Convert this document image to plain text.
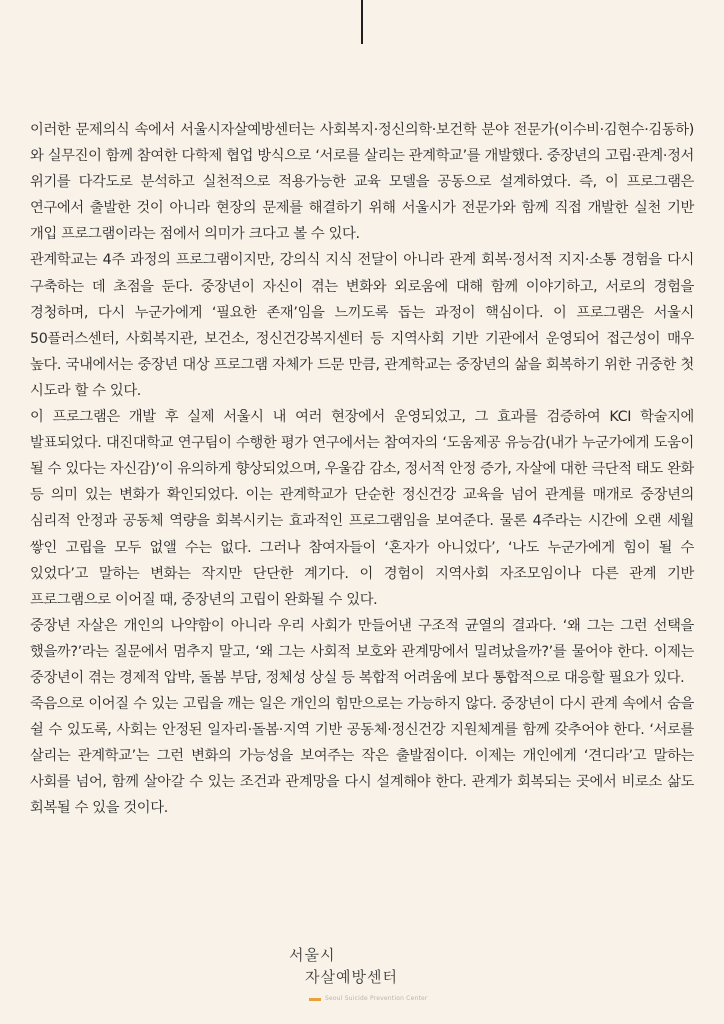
이러한 문제의식 속에서 서울시자살예방센터는 사회복지·정신의학·보건학 분야 전문가(이수비·김현수·김동하)와 실무진이 함께 참여한 다학제 협업 방식으로 ‘서로를 살리는 관계학교’를 개발했다. 중장년의 고립·관계·정서 위기를 다각도로 분석하고 실천적으로 적용가능한 교육 모델을 공동으로 설계하였다. 즉, 이 프로그램은 연구에서 출발한 것이 아니라 현장의 문제를 해결하기 위해 서울시가 전문가와 함께 직접 개발한 실천 기반 개입 프로그램이라는 점에서 의미가 크다고 볼 수 있다.

관계학교는 4주 과정의 프로그램이지만, 강의식 지식 전달이 아니라 관계 회복·정서적 지지·소통 경험을 다시 구축하는 데 초점을 둔다. 중장년이 자신이 겪는 변화와 외로움에 대해 함께 이야기하고, 서로의 경험을 경청하며, 다시 누군가에게 ‘필요한 존재’임을 느끼도록 돕는 과정이 핵심이다. 이 프로그램은 서울시 50플러스센터, 사회복지관, 보건소, 정신건강복지센터 등 지역사회 기반 기관에서 운영되어 접근성이 매우 높다. 국내에서는 중장년 대상 프로그램 자체가 드문 만큼, 관계학교는 중장년의 삶을 회복하기 위한 귀중한 첫 시도라 할 수 있다.

이 프로그램은 개발 후 실제 서울시 내 여러 현장에서 운영되었고, 그 효과를 검증하여 KCI 학술지에 발표되었다. 대진대학교 연구팀이 수행한 평가 연구에서는 참여자의 ‘도움제공 유능감(내가 누군가에게 도움이 될 수 있다는 자신감)’이 유의하게 향상되었으며, 우울감 감소, 정서적 안정 증가, 자살에 대한 극단적 태도 완화 등 의미 있는 변화가 확인되었다. 이는 관계학교가 단순한 정신건강 교육을 넘어 관계를 매개로 중장년의 심리적 안정과 공동체 역량을 회복시키는 효과적인 프로그램임을 보여준다. 물론 4주라는 시간에 오랜 세월 쌓인 고립을 모두 없앨 수는 없다. 그러나 참여자들이 ‘혼자가 아니었다’, ‘나도 누군가에게 힘이 될 수 있었다’고 말하는 변화는 작지만 단단한 계기다. 이 경험이 지역사회 자조모임이나 다른 관계 기반 프로그램으로 이어질 때, 중장년의 고립이 완화될 수 있다.

중장년 자살은 개인의 나약함이 아니라 우리 사회가 만들어낸 구조적 균열의 결과다. ‘왜 그는 그런 선택을 했을까?’라는 질문에서 멈추지 말고, ‘왜 그는 사회적 보호와 관계망에서 밀려났을까?’를 물어야 한다. 이제는 중장년이 겪는 경제적 압박, 돌봄 부담, 정체성 상실 등 복합적 어려움에 보다 통합적으로 대응할 필요가 있다.

죽음으로 이어질 수 있는 고립을 깨는 일은 개인의 힘만으로는 가능하지 않다. 중장년이 다시 관계 속에서 숨을 쉴 수 있도록, 사회는 안정된 일자리·돌봄·지역 기반 공동체·정신건강 지원체계를 함께 갖추어야 한다. ‘서로를 살리는 관계학교’는 그런 변화의 가능성을 보여주는 작은 출발점이다. 이제는 개인에게 ‘견디라’고 말하는 사회를 넘어, 함께 살아갈 수 있는 조건과 관계망을 다시 설계해야 한다. 관계가 회복되는 곳에서 비로소 삶도 회복될 수 있을 것이다.

서울시
자살예방센터
Seoul Suicide Prevention Center
